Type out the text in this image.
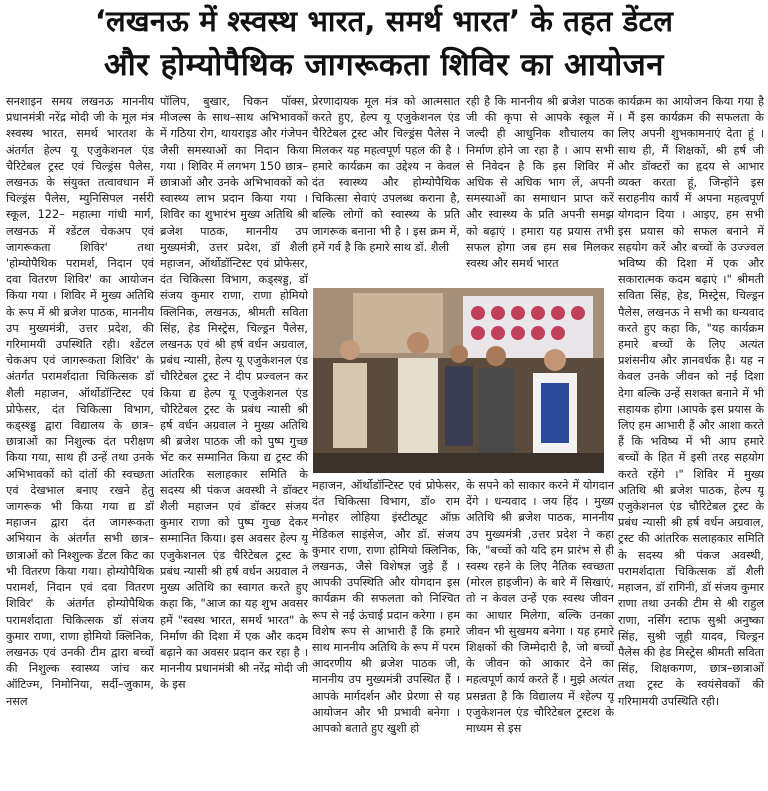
‘लखनऊ में श्स्वस्थ भारत, समर्थ भारत’ के तहत डेंटल
और होम्योपैथिक जागरूकता शिविर का आयोजन

सनशाइन समय लखनऊ माननीय प्रधानमंत्री नरेंद्र मोदी जी के मूल मंत्र श्स्वस्थ भारत, समर्थ भारतश के अंतर्गत हेल्प यू एजुकेशनल एंड चैरिटेबल ट्रस्ट एवं चिल्ड्रंस पैलेस, लखनऊ के संयुक्त तत्वावधान में चिल्ड्रंस पैलेस, म्युनिसिपल नर्सरी स्कूल, 122– महात्मा गांधी मार्ग, लखनऊ में श्डेंटल चेकअप एवं जागरूकता शिविर' तथा 'होम्योपैथिक परामर्श, निदान एवं दवा वितरण शिविर' का आयोजन किया गया । शिविर में मुख्य अतिथि के रूप में श्री ब्रजेश पाठक, माननीय उप मुख्यमंत्री, उत्तर प्रदेश, की गरिमामयी उपस्थिति रही। श्डेंटल चेकअप एवं जागरूकता शिविर' के अंतर्गत परामर्शदाता चिकित्सक डॉ शैली महाजन, ऑर्थोडॉन्टिस्ट एवं प्रोफेसर, दंत चिकित्सा विभाग, कड्स्श्ड्ड द्वारा विद्यालय के छात्र–छात्राओं का निशुल्क दंत परीक्षण किया गया, साथ ही उन्हें तथा उनके अभिभावकों को दांतों की स्वच्छता एवं देखभाल बनाए रखने हेतु जागरूक भी किया गया द्य डॉ महाजन द्वारा दंत जागरूकता अभियान के अंतर्गत सभी छात्र–छात्राओं को निश्शुल्क डेंटल किट का भी वितरण किया गया। होम्योपैथिक परामर्श, निदान एवं दवा वितरण शिविर' के अंतर्गत होम्योपैथिक परामर्शदाता चिकित्सक डॉ संजय कुमार राणा, राणा होमियो क्लिनिक, लखनऊ एवं उनकी टीम द्वारा बच्चों की निशुल्क स्वास्थ्य जांच कर ऑटिज्म, निमोनिया, सर्दी–जुकाम, नसल

पॉलिप, बुखार, चिकन पॉक्स, मीजल्स के साथ–साथ अभिभावकों में गठिया रोग, थायराइड और गंजेपन जैसी समस्याओं का निदान किया गया । शिविर में लगभग 150 छात्र–छात्राओं और उनके अभिभावकों को स्वास्थ्य लाभ प्रदान किया गया । शिविर का शुभारंभ मुख्य अतिथि श्री ब्रजेश पाठक, माननीय उप मुख्यमंत्री, उत्तर प्रदेश, डॉ शैली महाजन, ऑर्थोडॉन्टिस्ट एवं प्रोफेसर, दंत चिकित्सा विभाग, कड्स्श्ड्ड, डॉ संजय कुमार राणा, राणा होमियो क्लिनिक, लखनऊ, श्रीमती सविता सिंह, हेड मिस्ट्रेस, चिल्ड्रन पैलेस, लखनऊ एवं श्री हर्ष वर्धन अग्रवाल, प्रबंध न्यासी, हेल्प यू एजुकेशनल एंड चौरिटेबल ट्रस्ट ने दीप प्रज्वलन कर किया द्य हेल्प यू एजुकेशनल एंड चौरिटेबल ट्रस्ट के प्रबंध न्यासी श्री हर्ष वर्धन अग्रवाल ने मुख्य अतिथि श्री ब्रजेश पाठक जी को पुष्प गुच्छ भेंट कर सम्मानित किया द्य ट्रस्ट की आंतरिक सलाहकार समिति के सदस्य श्री पंकज अवस्थी ने डॉक्टर शैली महाजन एवं डॉक्टर संजय कुमार राणा को पुष्प गुच्छ देकर सम्मानित किया। इस अवसर हेल्प यू एजुकेशनल एंड चैरिटेबल ट्रस्ट के प्रबंध न्यासी श्री हर्ष वर्धन अग्रवाल ने मुख्य अतिथि का स्वागत करते हुए कहा कि, "आज का यह शुभ अवसर हमें "स्वस्थ भारत, समर्थ भारत" के निर्माण की दिशा में एक और कदम बढ़ाने का अवसर प्रदान कर रहा है । माननीय प्रधानमंत्री श्री नरेंद्र मोदी जी के इस

प्रेरणादायक मूल मंत्र को आत्मसात करते हुए, हेल्प यू एजुकेशनल एंड चैरिटेबल ट्रस्ट और चिल्ड्रंस पैलेस ने मिलकर यह महत्वपूर्ण पहल की है । हमारे कार्यक्रम का उद्देश्य न केवल दंत स्वास्थ्य और होम्योपैथिक चिकित्सा सेवाएं उपलब्ध कराना है, बल्कि लोगों को स्वास्थ्य के प्रति जागरूक बनाना भी है । इस क्रम में, हमें गर्व है कि हमारे साथ डॉ. शैली

रही है कि माननीय श्री ब्रजेश पाठक जी की कृपा से आपके स्कूल में जल्दी ही आधुनिक शौचालय का निर्माण होने जा रहा है । आप सभी से निवेदन है कि इस शिविर में अधिक से अधिक भाग लें, अपनी समस्याओं का समाधान प्राप्त करें और स्वास्थ्य के प्रति अपनी समझ को बढ़ाएं । हमारा यह प्रयास तभी सफल होगा जब हम सब मिलकर स्वस्थ और समर्थ भारत

महाजन, ऑर्थोडॉन्टिस्ट एवं प्रोफेसर, दंत चिकित्सा विभाग, डॉ० राम मनोहर लोहिया इंस्टीट्यूट ऑफ़ मेडिकल साइंसेज, और डॉ. संजय कुमार राणा, राणा होमियो क्लिनिक, लखनऊ, जैसे विशेषज्ञ जुड़े हैं । आपकी उपस्थिति और योगदान इस कार्यक्रम की सफलता को निश्चित रूप से नई ऊंचाई प्रदान करेगा । हम विशेष रूप से आभारी हैं कि हमारे साथ माननीय अतिथि के रूप में परम आदरणीय श्री ब्रजेश पाठक जी, माननीय उप मुख्यमंत्री उपस्थित हैं । आपके मार्गदर्शन और प्रेरणा से यह आयोजन और भी प्रभावी बनेगा । आपको बताते हुए खुशी हो

के सपने को साकार करने में योगदान देंगे । धन्यवाद । जय हिंद । मुख्य अतिथि श्री ब्रजेश पाठक, माननीय उप मुख्यमंत्री ,उत्तर प्रदेश ने कहा कि, "बच्चों को यदि हम प्रारंभ से ही स्वस्थ रहने के लिए नैतिक स्वच्छता (मोरल हाइजीन) के बारे में सिखाएं, तो न केवल उन्हें एक स्वस्थ जीवन का आधार मिलेगा, बल्कि उनका जीवन भी सुखमय बनेगा । यह हमारे शिक्षकों की जिम्मेदारी है, जो बच्चों के जीवन को आकार देने का महत्वपूर्ण कार्य करते हैं । मुझे अत्यंत प्रसन्नता है कि विद्यालय में श्हेल्प यू एजुकेशनल एंड चौरिटेबल ट्रस्टश के माध्यम से इस

कार्यक्रम का आयोजन किया गया है । मैं इस कार्यक्रम की सफलता के लिए अपनी शुभकामनाएं देता हूं । साथ ही, मैं शिक्षकों, श्री हर्ष जी और डॉक्टरों का हृदय से आभार व्यक्त करता हूं, जिन्होंने इस सराहनीय कार्य में अपना महत्वपूर्ण योगदान दिया । आइए, हम सभी इस प्रयास को सफल बनाने में सहयोग करें और बच्चों के उज्ज्वल भविष्य की दिशा में एक और सकारात्मक कदम बढ़ाएं ।" श्रीमती सविता सिंह, हेड, मिस्ट्रेस, चिल्ड्रन पैलेस, लखनऊ ने सभी का धन्यवाद करते हुए कहा कि, "यह कार्यक्रम हमारे बच्चों के लिए अत्यंत प्रशंसनीय और ज्ञानवर्धक है। यह न केवल उनके जीवन को नई दिशा देगा बल्कि उन्हें सशक्त बनाने में भी सहायक होगा ।आपके इस प्रयास के लिए हम आभारी हैं और आशा करते हैं कि भविष्य में भी आप हमारे बच्चों के हित में इसी तरह सहयोग करते रहेंगे ।" शिविर में मुख्य अतिथि श्री ब्रजेश पाठक, हेल्प यू एजुकेशनल एंड चौरिटेबल ट्रस्ट के प्रबंध न्यासी श्री हर्ष वर्धन अग्रवाल, ट्रस्ट की आंतरिक सलाहकार समिति के सदस्य श्री पंकज अवस्थी, परामर्शदाता चिकित्सक डॉ शैली महाजन, डॉ रागिनी, डॉ संजय कुमार राणा तथा उनकी टीम से श्री राहुल राणा, नर्सिंग स्टाफ सुश्री अनुष्का सिंह, सुश्री जूही यादव, चिल्ड्रन पैलेस की हेड मिस्ट्रेस श्रीमती सविता सिंह, शिक्षकगण, छात्र–छात्राओं तथा ट्रस्ट के स्वयंसेवकों की गरिमामयी उपस्थिति रही।
